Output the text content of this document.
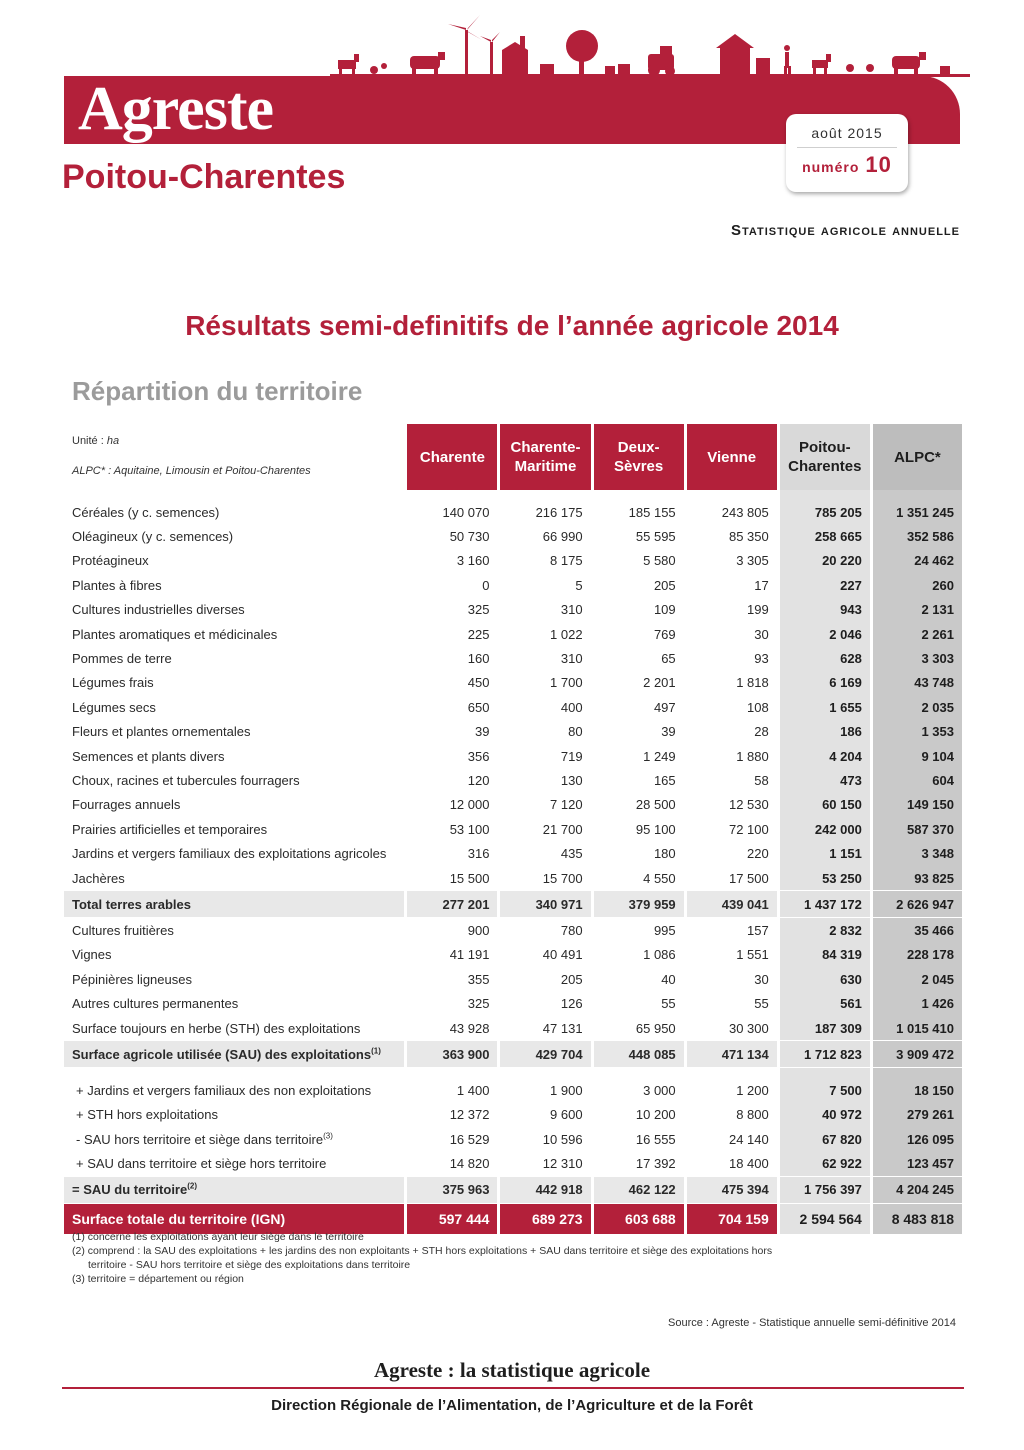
Agreste
Poitou-Charentes
août 2015
numéro 10
Statistique agricole annuelle
Résultats semi-definitifs de l’année agricole 2014
Répartition du territoire
Unité : ha

ALPC* : Aquitaine, Limousin et Poitou-Charentes	Charente	Charente-Maritime	Deux-Sèvres	Vienne	Poitou-Charentes	ALPC*

Céréales (y c. semences)	140 070	216 175	185 155	243 805	785 205	1 351 245
Oléagineux (y c. semences)	50 730	66 990	55 595	85 350	258 665	352 586
Protéagineux	3 160	8 175	5 580	3 305	20 220	24 462
Plantes à fibres	0	5	205	17	227	260
Cultures industrielles diverses	325	310	109	199	943	2 131
Plantes aromatiques et médicinales	225	1 022	769	30	2 046	2 261
Pommes de terre	160	310	65	93	628	3 303
Légumes frais	450	1 700	2 201	1 818	6 169	43 748
Légumes secs	650	400	497	108	1 655	2 035
Fleurs et plantes ornementales	39	80	39	28	186	1 353
Semences et plants divers	356	719	1 249	1 880	4 204	9 104
Choux, racines et tubercules fourragers	120	130	165	58	473	604
Fourrages annuels	12 000	7 120	28 500	12 530	60 150	149 150
Prairies artificielles et temporaires	53 100	21 700	95 100	72 100	242 000	587 370
Jardins et vergers familiaux des exploitations agricoles	316	435	180	220	1 151	3 348
Jachères	15 500	15 700	4 550	17 500	53 250	93 825
Total terres arables	277 201	340 971	379 959	439 041	1 437 172	2 626 947
Cultures fruitières	900	780	995	157	2 832	35 466
Vignes	41 191	40 491	1 086	1 551	84 319	228 178
Pépinières ligneuses	355	205	40	30	630	2 045
Autres cultures permanentes	325	126	55	55	561	1 426
Surface toujours en herbe (STH) des exploitations	43 928	47 131	65 950	30 300	187 309	1 015 410
Surface agricole utilisée (SAU) des exploitations$^{(1)}$	363 900	429 704	448 085	471 134	1 712 823	3 909 472

+ Jardins et vergers familiaux des non exploitations	1 400	1 900	3 000	1 200	7 500	18 150
+ STH hors exploitations	12 372	9 600	10 200	8 800	40 972	279 261
- SAU hors territoire et siège dans territoire$^{(3)}$	16 529	10 596	16 555	24 140	67 820	126 095
+ SAU dans territoire et siège hors territoire	14 820	12 310	17 392	18 400	62 922	123 457
= SAU du territoire$^{(2)}$	375 963	442 918	462 122	475 394	1 756 397	4 204 245
Surface totale du territoire (IGN)	597 444	689 273	603 688	704 159	2 594 564	8 483 818

(1) concerne les exploitations ayant leur siège dans le territoire

(2) comprend : la SAU des exploitations + les jardins des non exploitants + STH hors exploitations + SAU dans territoire et siège des exploitations hors

territoire - SAU hors territoire et siège des exploitations dans territoire

(3) territoire = département ou région

Source : Agreste - Statistique annuelle semi-définitive 2014
Agreste : la statistique agricole
Direction Régionale de l’Alimentation, de l’Agriculture et de la Forêt
